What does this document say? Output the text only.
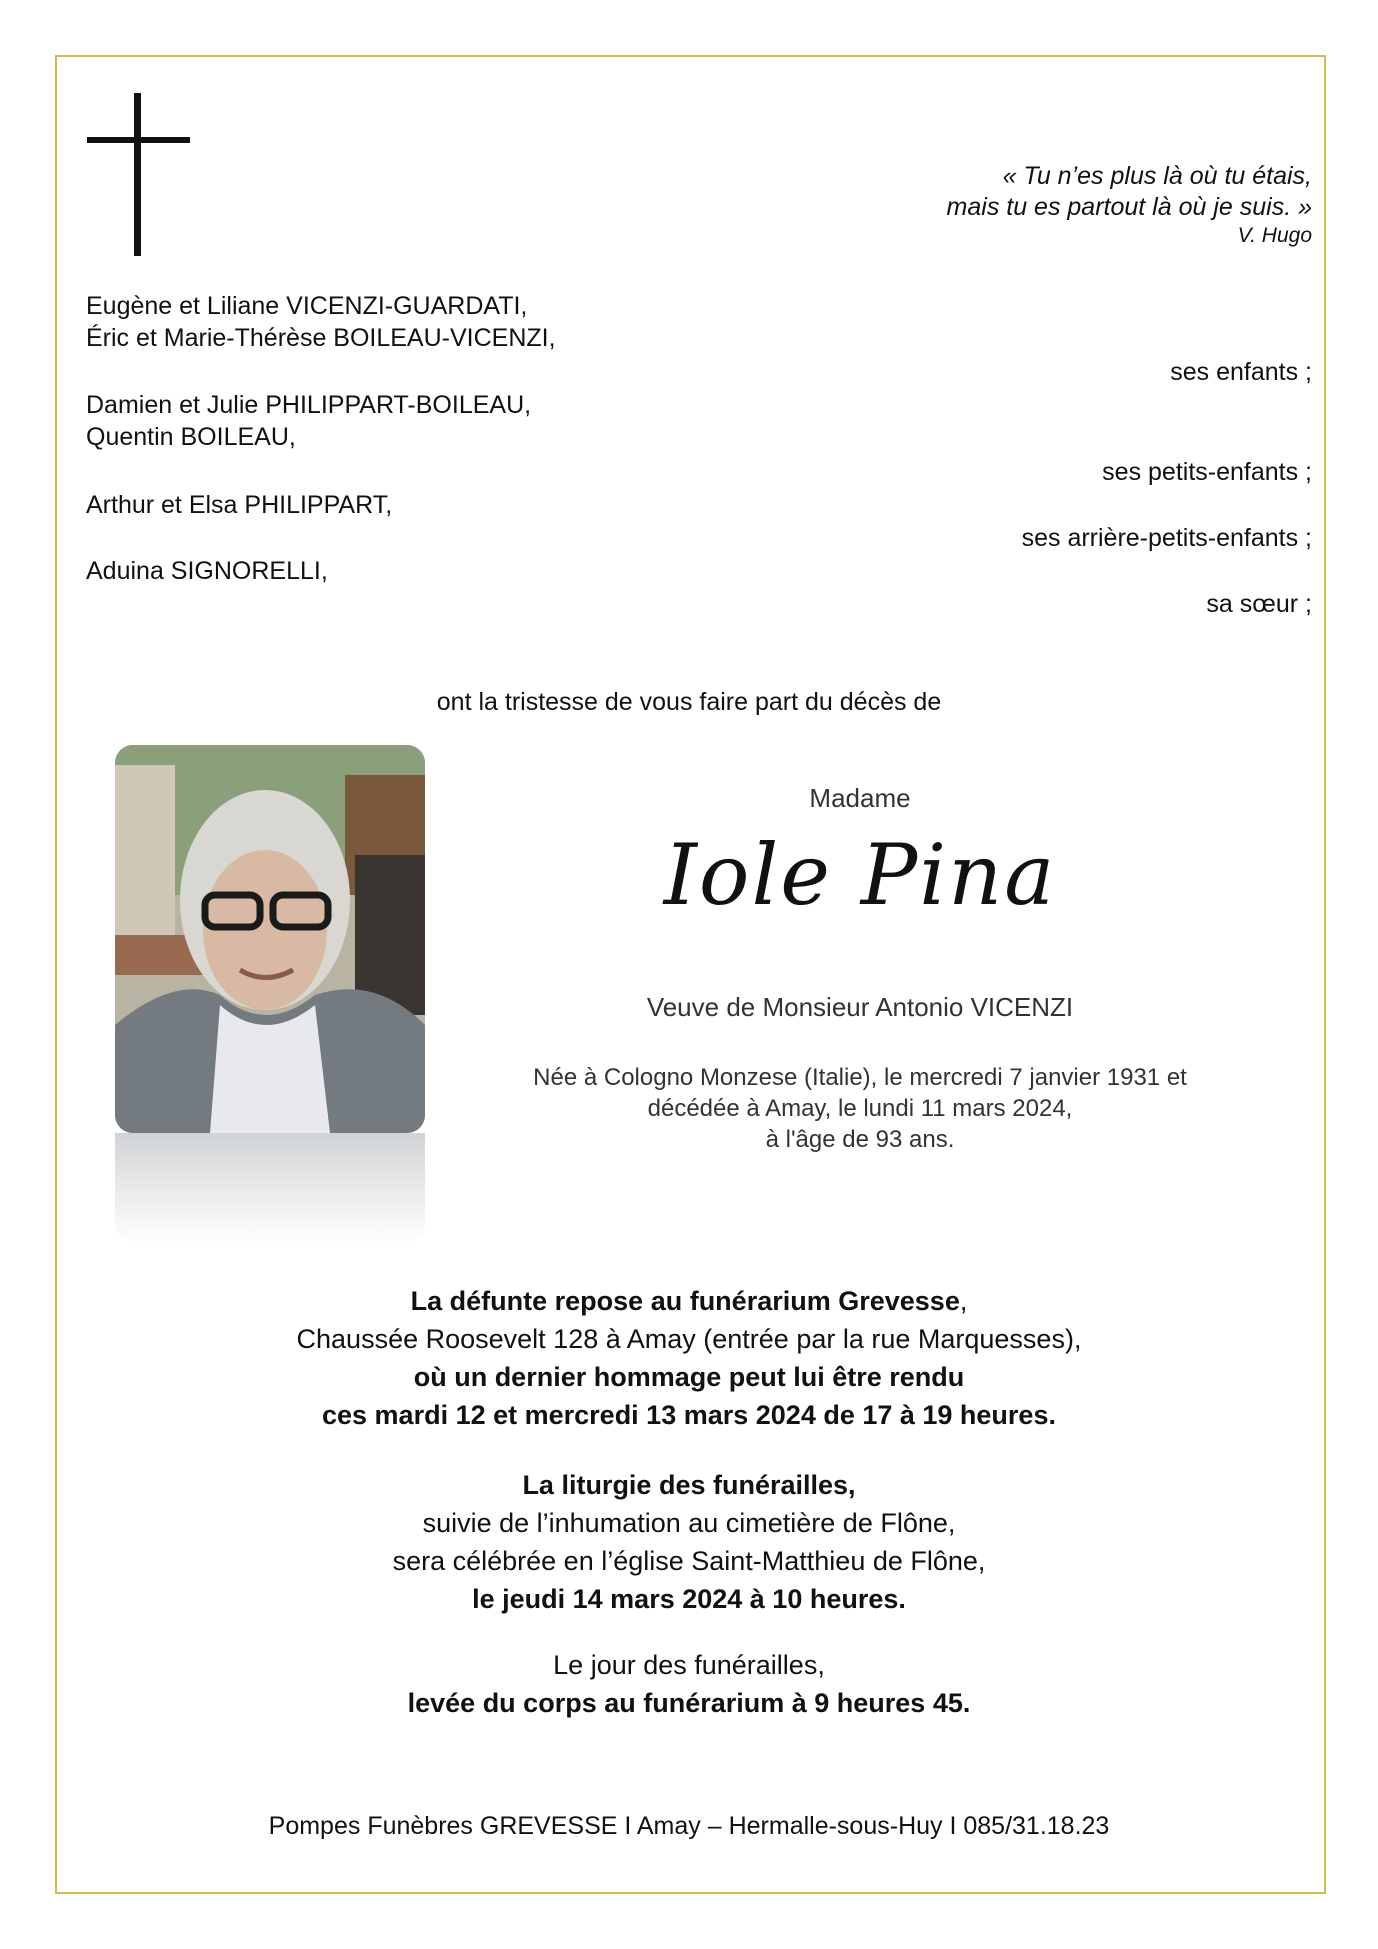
« Tu n’es plus là où tu étais,
mais tu es partout là où je suis. »
V. Hugo
Eugène et Liliane VICENZI-GUARDATI,
Éric et Marie-Thérèse BOILEAU-VICENZI,
ses enfants ;
Damien et Julie PHILIPPART-BOILEAU,
Quentin BOILEAU,
ses petits-enfants ;
Arthur et Elsa PHILIPPART,
ses arrière-petits-enfants ;
Aduina SIGNORELLI,
sa sœur ;
ont la tristesse de vous faire part du décès de
Madame
Iole Pina
Veuve de Monsieur Antonio VICENZI
Née à Cologno Monzese (Italie), le mercredi 7 janvier 1931 et
décédée à Amay, le lundi 11 mars 2024,
à l'âge de 93 ans.
La défunte repose au funérarium Grevesse,
Chaussée Roosevelt 128 à Amay (entrée par la rue Marquesses),
où un dernier hommage peut lui être rendu
ces mardi 12 et mercredi 13 mars 2024 de 17 à 19 heures.
La liturgie des funérailles,
suivie de l’inhumation au cimetière de Flône,
sera célébrée en l’église Saint-Matthieu de Flône,
le jeudi 14 mars 2024 à 10 heures.
Le jour des funérailles,
levée du corps au funérarium à 9 heures 45.
Pompes Funèbres GREVESSE I Amay – Hermalle-sous-Huy I 085/31.18.23
